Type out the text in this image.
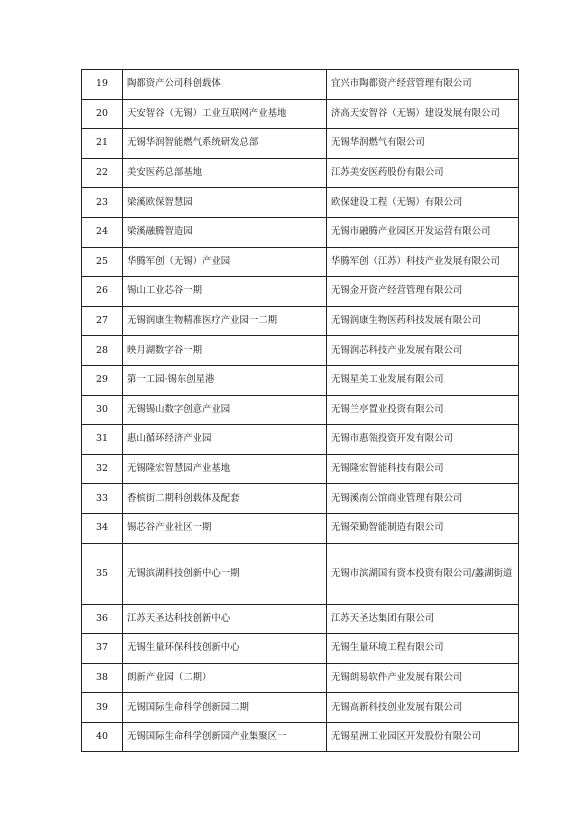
19	陶都资产公司科创载体	宜兴市陶都资产经营管理有限公司
20	天安智谷（无锡）工业互联网产业基地	济高天安智谷（无锡）建设发展有限公司
21	无锡华润智能燃气系统研发总部	无锡华润燃气有限公司
22	美安医药总部基地	江苏美安医药股份有限公司
23	梁溪欧保智慧园	欧保建设工程（无锡）有限公司
24	梁溪融腾智造园	无锡市融腾产业园区开发运营有限公司
25	华腾军创（无锡）产业园	华腾军创（江苏）科技产业发展有限公司
26	锡山工业芯谷一期	无锡金开资产经营管理有限公司
27	无锡润康生物精准医疗产业园一二期	无锡润康生物医药科技发展有限公司
28	映月湖数字谷一期	无锡润芯科技产业发展有限公司
29	第一工园·锡东创星港	无锡星美工业发展有限公司
30	无锡锡山数字创意产业园	无锡兰亭置业投资有限公司
31	惠山循环经济产业园	无锡市惠瓴投资开发有限公司
32	无锡隆宏智慧园产业基地	无锡隆宏智能科技有限公司
33	香槟街二期科创载体及配套	无锡溪南公馆商业管理有限公司
34	锡芯谷产业社区一期	无锡荣勤智能制造有限公司
35	无锡滨湖科技创新中心一期	无锡市滨湖国有资本投资有限公司/蠡湖街道
36	江苏天圣达科技创新中心	江苏天圣达集团有限公司
37	无锡生量环保科技创新中心	无锡生量环境工程有限公司
38	朗新产业园（二期）	无锡朗易软件产业发展有限公司
39	无锡国际生命科学创新园二期	无锡高新科技创业发展有限公司
40	无锡国际生命科学创新园产业集聚区一	无锡星洲工业园区开发股份有限公司
